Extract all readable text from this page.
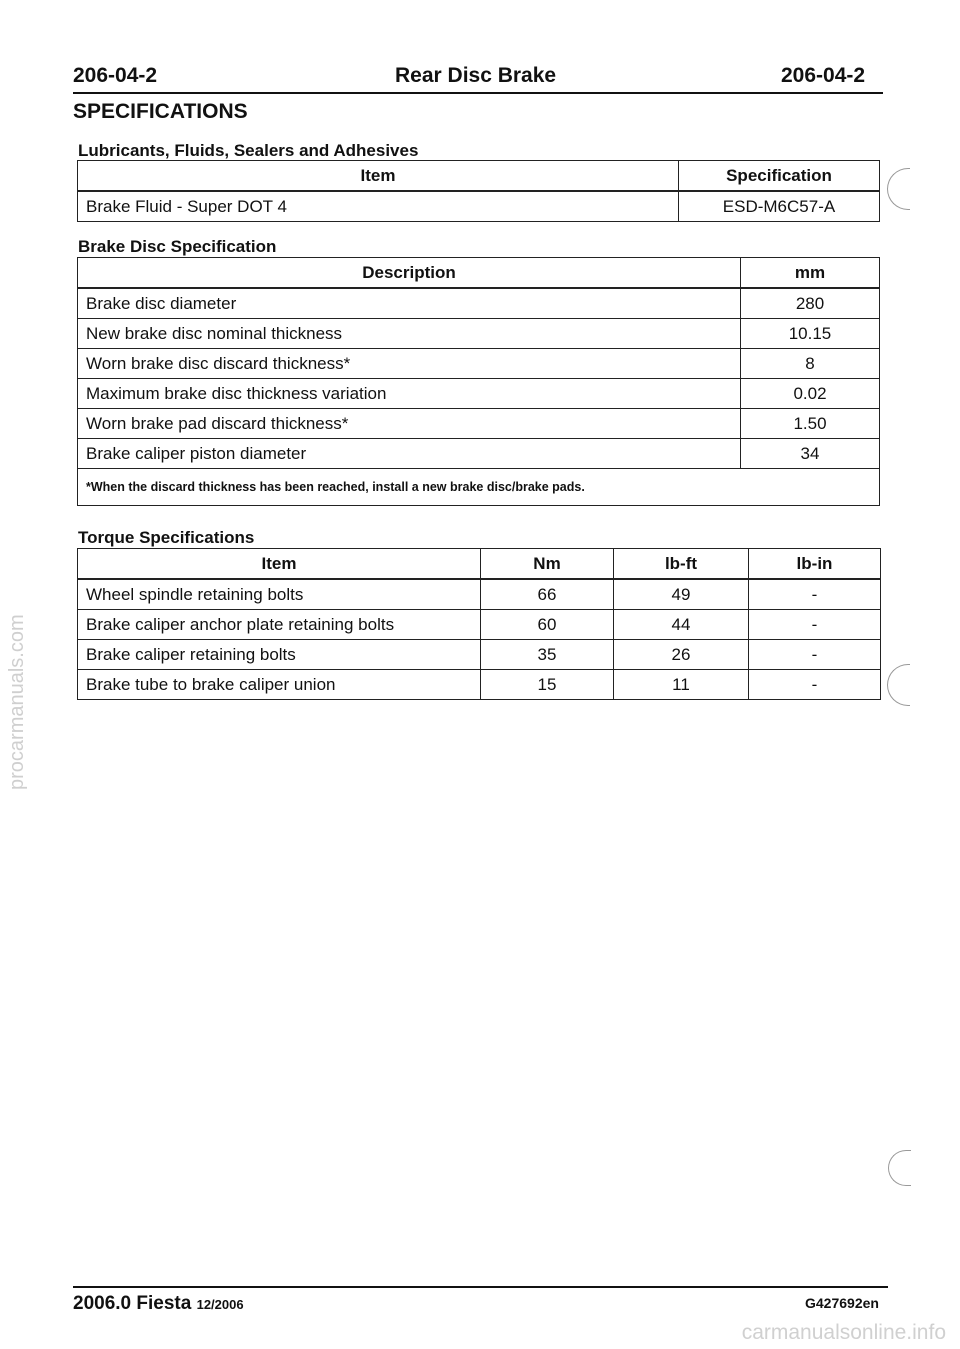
206-04-2	Rear Disc Brake	206-04-2
SPECIFICATIONS
Lubricants, Fluids, Sealers and Adhesives
Item	Specification
Brake Fluid - Super DOT 4	ESD-M6C57-A
Brake Disc Specification
Description	mm
Brake disc diameter	280
New brake disc nominal thickness	10.15
Worn brake disc discard thickness*	8
Maximum brake disc thickness variation	0.02
Worn brake pad discard thickness*	1.50
Brake caliper piston diameter	34
*When the discard thickness has been reached, install a new brake disc/brake pads.	
Torque Specifications
Item	Nm	lb-ft	lb-in
Wheel spindle retaining bolts	66	49	-
Brake caliper anchor plate retaining bolts	60	44	-
Brake caliper retaining bolts	35	26	-
Brake tube to brake caliper union	15	11	-
2006.0 Fiesta 12/2006	G427692en
procarmanuals.com
carmanualsonline.info
